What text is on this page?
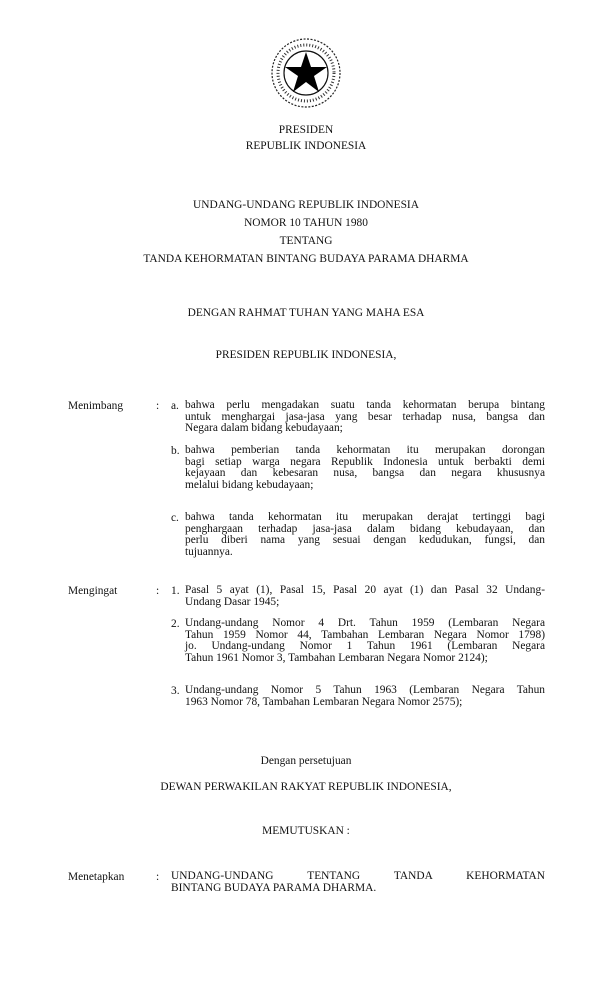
PRESIDEN
REPUBLIK INDONESIA
UNDANG-UNDANG REPUBLIK INDONESIA
NOMOR 10 TAHUN 1980
TENTANG
TANDA KEHORMATAN BINTANG BUDAYA PARAMA DHARMA
DENGAN RAHMAT TUHAN YANG MAHA ESA
PRESIDEN REPUBLIK INDONESIA,
Menimbang	: a. bahwa perlu mengadakan suatu tanda kehormatan berupa bintang
untuk menghargai jasa-jasa yang besar terhadap nusa, bangsa dan
Negara dalam bidang kebudayaan;
b. bahwa pemberian tanda kehormatan itu merupakan dorongan
bagi setiap warga negara Republik Indonesia untuk berbakti demi
kejayaan dan kebesaran nusa, bangsa dan negara khususnya
melalui bidang kebudayaan;
c. bahwa tanda kehormatan itu merupakan derajat tertinggi bagi
penghargaan terhadap jasa-jasa dalam bidang kebudayaan, dan
perlu diberi nama yang sesuai dengan kedudukan, fungsi, dan
tujuannya.
Mengingat	: 1. Pasal 5 ayat (1), Pasal 15, Pasal 20 ayat (1) dan Pasal 32 Undang-
Undang Dasar 1945;
2. Undang-undang Nomor 4 Drt. Tahun 1959 (Lembaran Negara
Tahun 1959 Nomor 44, Tambahan Lembaran Negara Nomor 1798)
jo. Undang-undang Nomor 1 Tahun 1961 (Lembaran Negara
Tahun 1961 Nomor 3, Tambahan Lembaran Negara Nomor 2124);
3. Undang-undang Nomor 5 Tahun 1963 (Lembaran Negara Tahun
1963 Nomor 78, Tambahan Lembaran Negara Nomor 2575);
Dengan persetujuan
DEWAN PERWAKILAN RAKYAT REPUBLIK INDONESIA,
MEMUTUSKAN :
Menetapkan	: UNDANG-UNDANG TENTANG TANDA KEHORMATAN
BINTANG BUDAYA PARAMA DHARMA.
